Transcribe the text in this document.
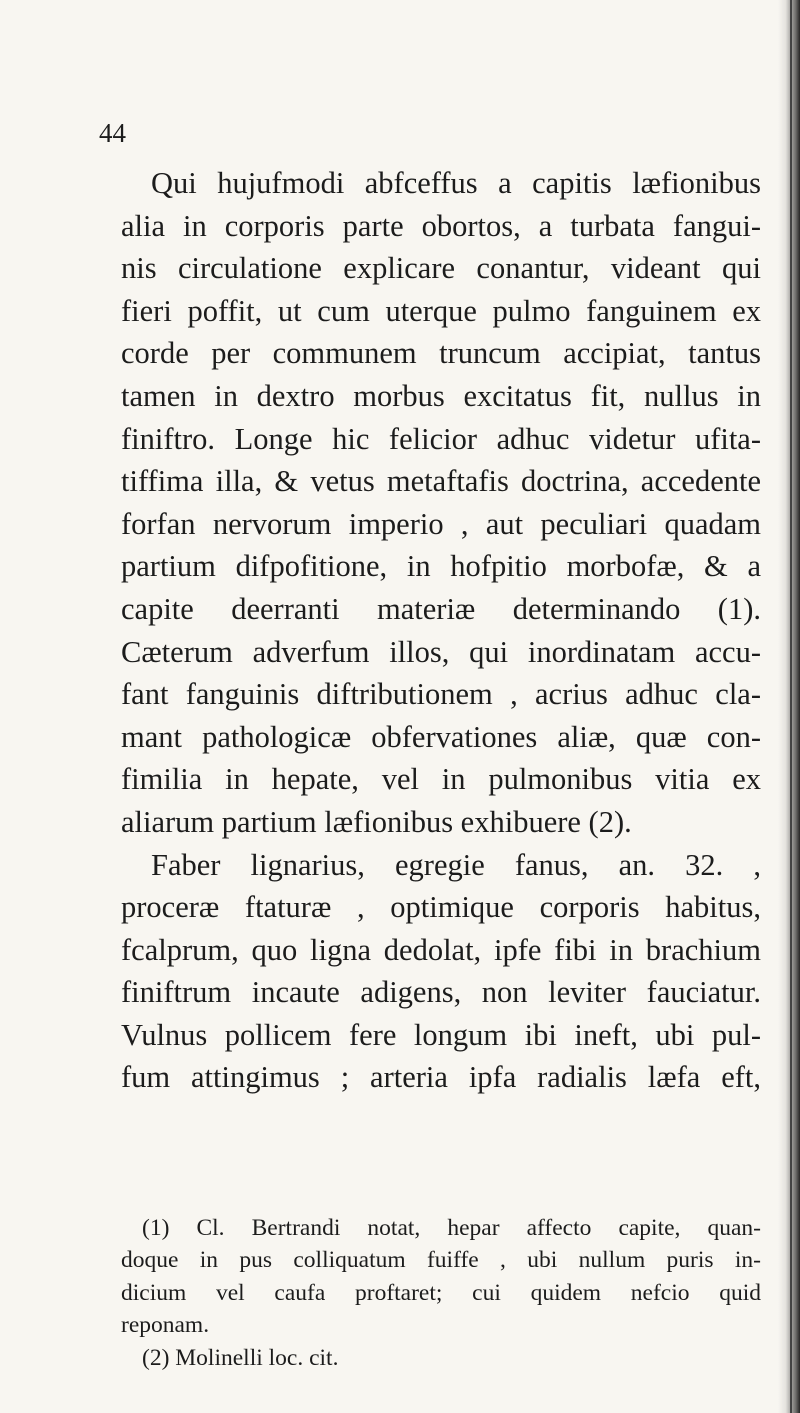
44
Qui hujufmodi abfceffus a capitis læfionibus
alia in corporis parte obortos, a turbata fangui-
nis circulatione explicare conantur, videant qui
fieri poffit, ut cum uterque pulmo fanguinem ex
corde per communem truncum accipiat, tantus
tamen in dextro morbus excitatus fit, nullus in
finiftro. Longe hic felicior adhuc videtur ufita-
tiffima illa, & vetus metaftafis doctrina, accedente
forfan nervorum imperio , aut peculiari quadam
partium difpofitione, in hofpitio morbofæ, & a
capite deerranti materiæ determinando (1).
Cæterum adverfum illos, qui inordinatam accu-
fant fanguinis diftributionem , acrius adhuc cla-
mant pathologicæ obfervationes aliæ, quæ con-
fimilia in hepate, vel in pulmonibus vitia ex
aliarum partium læfionibus exhibuere (2).
Faber lignarius, egregie fanus, an. 32. ,
proceræ ftaturæ , optimique corporis habitus,
fcalprum, quo ligna dedolat, ipfe fibi in brachium
finiftrum incaute adigens, non leviter fauciatur.
Vulnus pollicem fere longum ibi ineft, ubi pul-
fum attingimus ; arteria ipfa radialis læfa eft,
(1) Cl. Bertrandi notat, hepar affecto capite, quan-
doque in pus colliquatum fuiffe , ubi nullum puris in-
dicium vel caufa proftaret; cui quidem nefcio quid
reponam.
(2) Molinelli loc. cit.
